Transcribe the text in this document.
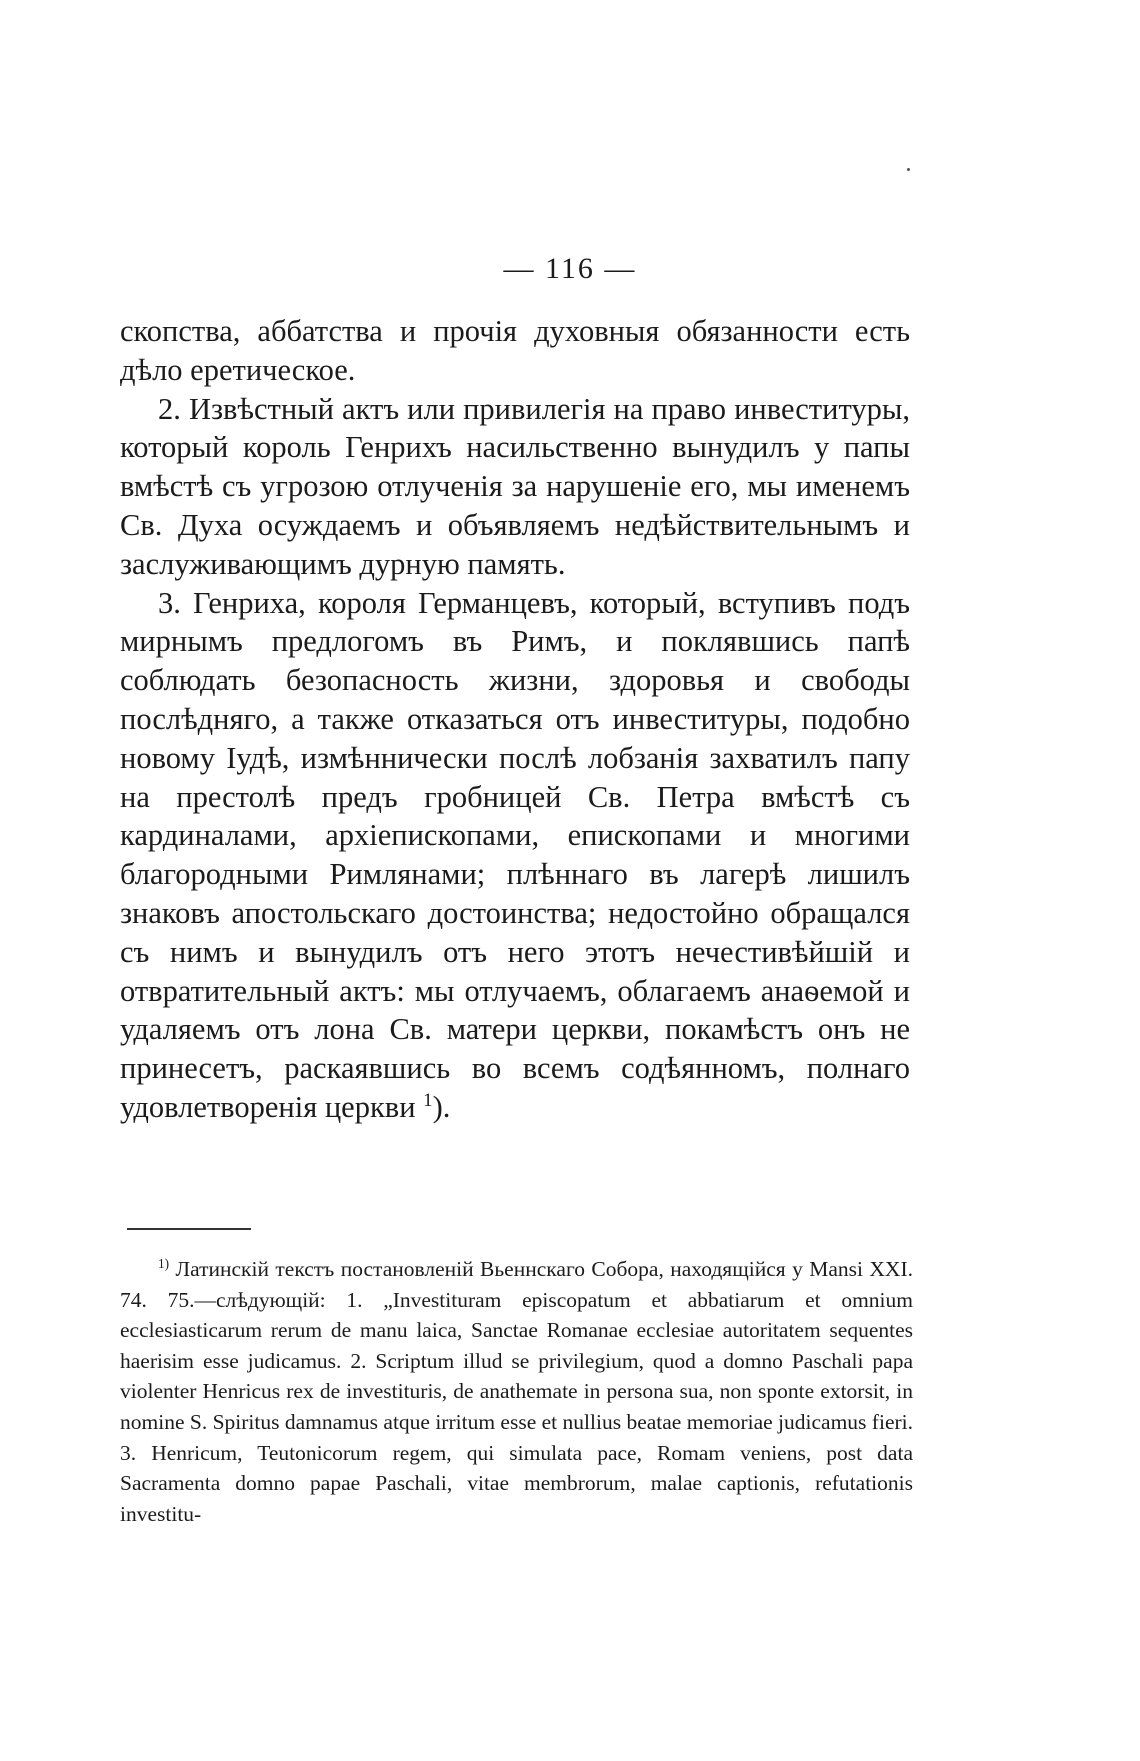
— 116 —

скопства, аббатства и прочія духовныя обязанности есть дѣло еретическое.

2. Извѣстный актъ или привилегія на право инвеституры, который король Генрихъ насильственно вынудилъ у папы вмѣстѣ съ угрозою отлученія за нарушеніе его, мы именемъ Св. Духа осуждаемъ и объявляемъ недѣйствительнымъ и заслуживающимъ дурную память.

3. Генриха, короля Германцевъ, который, вступивъ подъ мирнымъ предлогомъ въ Римъ, и поклявшись папѣ соблюдать безопасность жизни, здоровья и свободы послѣдняго, а также отказаться отъ инвеституры, подобно новому Іудѣ, измѣннически послѣ лобзанія захватилъ папу на престолѣ предъ гробницей Св. Петра вмѣстѣ съ кардиналами, архіепископами, епископами и многими благородными Римлянами; плѣннаго въ лагерѣ лишилъ знаковъ апостольскаго достоинства; недостойно обращался съ нимъ и вынудилъ отъ него этотъ нечестивѣйшій и отвратительный актъ: мы отлучаемъ, облагаемъ анаѳемой и удаляемъ отъ лона Св. матери церкви, покамѣстъ онъ не принесетъ, раскаявшись во всемъ содѣянномъ, полнаго удовлетворенія церкви $^1$).

$^{1)}$ Латинскій текстъ постановленій Вьеннскаго Собора, находящійся у Mansi XXI. 74. 75.—слѣдующій: 1. „Investituram episcopatum et abbatiarum et omnium ecclesiasticarum rerum de manu laica, Sanctae Romanae ecclesiae autoritatem sequentes haerisim esse judicamus. 2. Scriptum illud se privilegium, quod a domno Paschali papa violenter Henricus rex de investituris, de anathemate in persona sua, non sponte extorsit, in nomine S. Spiritus damnamus atque irritum esse et nullius beatae memoriae judicamus fieri. 3. Henricum, Teutonicorum regem, qui simulata pace, Romam veniens, post data Sacramenta domno papae Paschali, vitae membrorum, malae captionis, refutationis investitu-
